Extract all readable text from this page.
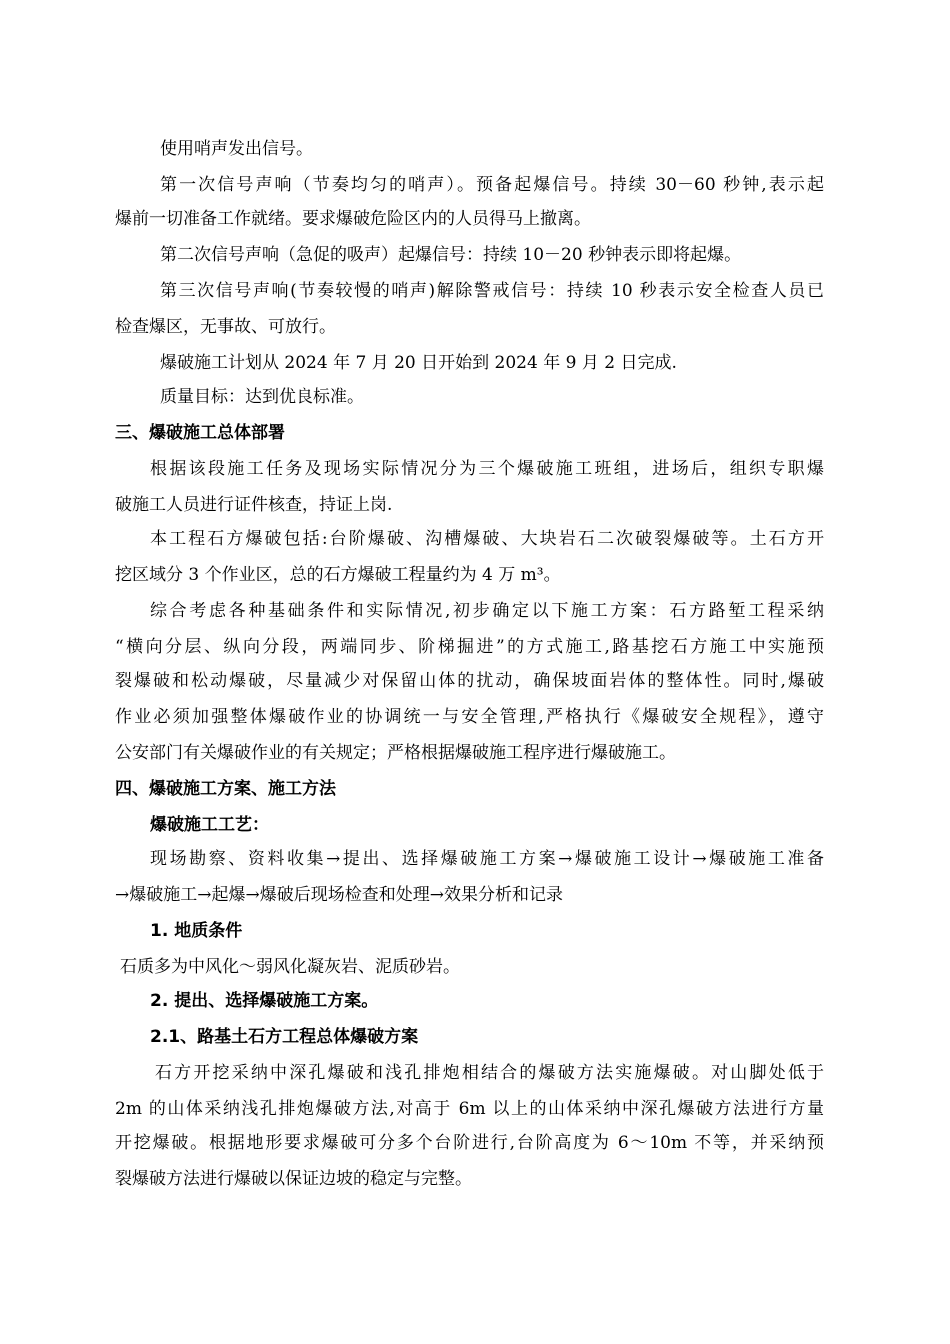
使用哨声发出信号。
第一次信号声响（节奏均匀的哨声）。预备起爆信号。持续 30－60 秒钟,表示起
爆前一切准备工作就绪。要求爆破危险区内的人员得马上撤离。
第二次信号声响（急促的吸声）起爆信号：持续 10－20 秒钟表示即将起爆。
第三次信号声响(节奏较慢的哨声)解除警戒信号：持续 10 秒表示安全检查人员已
检查爆区，无事故、可放行。
爆破施工计划从 2024 年 7 月 20 日开始到 2024 年 9 月 2 日完成.
质量目标：达到优良标准。
三、爆破施工总体部署
根据该段施工任务及现场实际情况分为三个爆破施工班组，进场后，组织专职爆
破施工人员进行证件核查，持证上岗.
本工程石方爆破包括:台阶爆破、沟槽爆破、大块岩石二次破裂爆破等。土石方开
挖区域分 3 个作业区，总的石方爆破工程量约为 4 万 m³。
综合考虑各种基础条件和实际情况,初步确定以下施工方案：石方路堑工程采纳
“横向分层、纵向分段，两端同步、阶梯掘进”的方式施工,路基挖石方施工中实施预
裂爆破和松动爆破，尽量减少对保留山体的扰动，确保坡面岩体的整体性。同时,爆破
作业必须加强整体爆破作业的协调统一与安全管理,严格执行《爆破安全规程》，遵守
公安部门有关爆破作业的有关规定；严格根据爆破施工程序进行爆破施工。
四、爆破施工方案、施工方法
爆破施工工艺：
现场勘察、资料收集→提出、选择爆破施工方案→爆破施工设计→爆破施工准备
→爆破施工→起爆→爆破后现场检查和处理→效果分析和记录
1. 地质条件
石质多为中风化～弱风化凝灰岩、泥质砂岩。
2. 提出、选择爆破施工方案。
2.1、路基土石方工程总体爆破方案
石方开挖采纳中深孔爆破和浅孔排炮相结合的爆破方法实施爆破。对山脚处低于
2m 的山体采纳浅孔排炮爆破方法,对高于 6m 以上的山体采纳中深孔爆破方法进行方量
开挖爆破。根据地形要求爆破可分多个台阶进行,台阶高度为 6～10m 不等，并采纳预
裂爆破方法进行爆破以保证边坡的稳定与完整。
